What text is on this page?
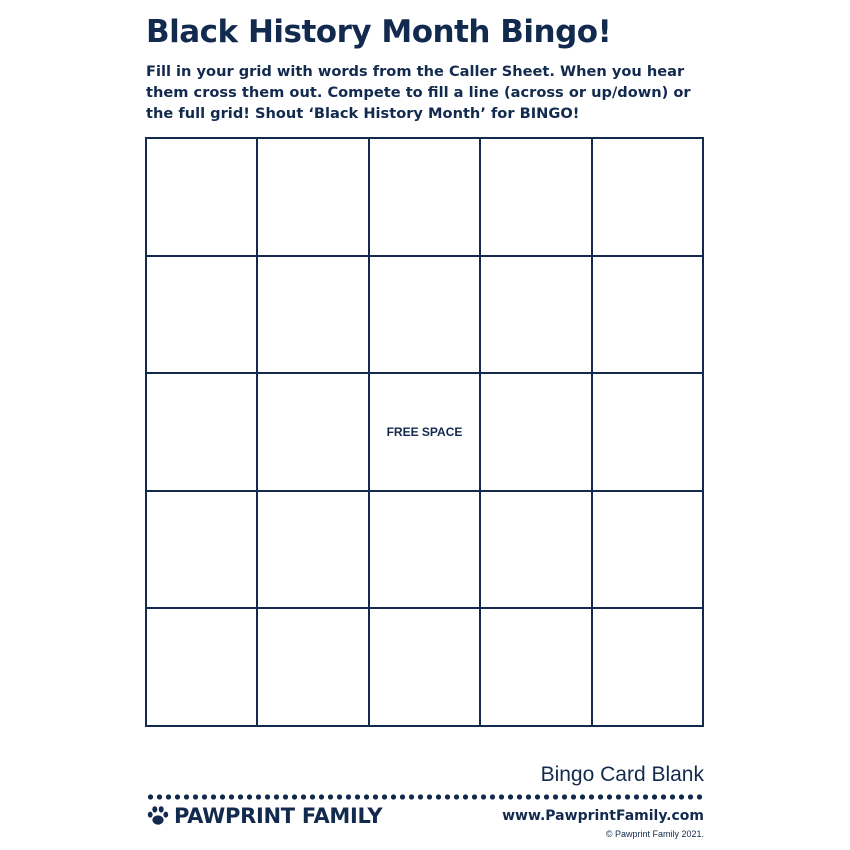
Black History Month Bingo!

Fill in your grid with words from the Caller Sheet. When you hear them cross them out. Compete to fill a line (across or up/down) or the full grid! Shout ‘Black History Month’ for BINGO!

FREE SPACE
Bingo Card Blank
PAWPRINT FAMILY	www.PawprintFamily.com
© Pawprint Family 2021.
